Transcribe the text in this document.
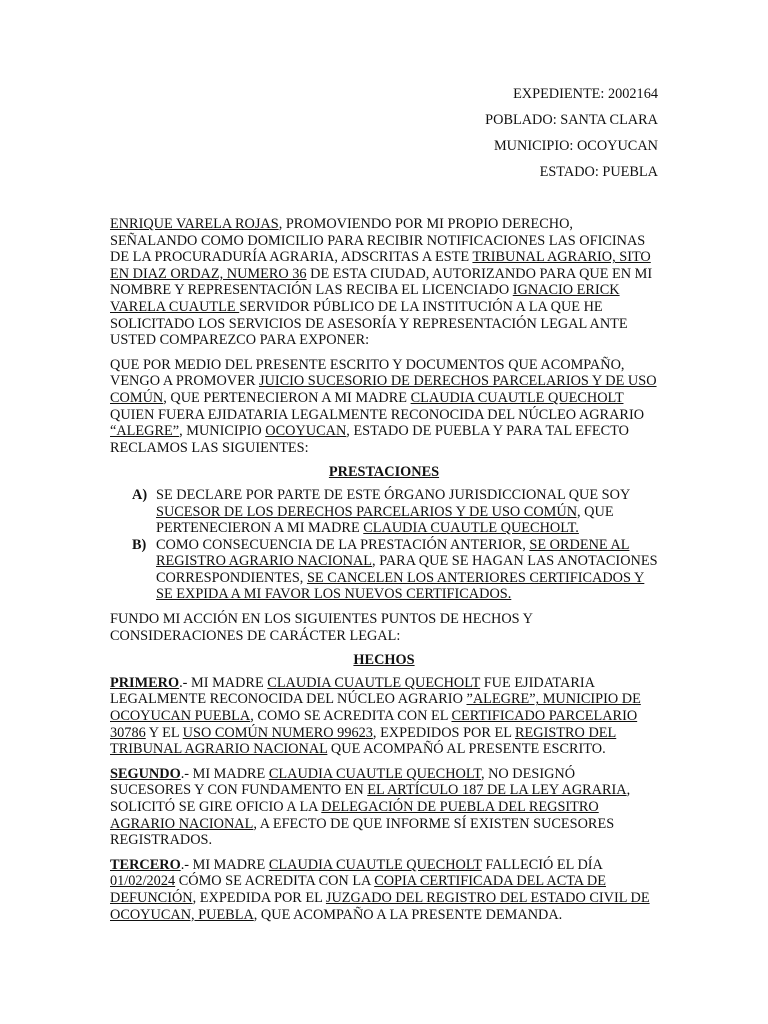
EXPEDIENTE: 2002164
POBLADO: SANTA CLARA
MUNICIPIO: OCOYUCAN
ESTADO: PUEBLA

ENRIQUE VARELA ROJAS, PROMOVIENDO POR MI PROPIO DERECHO, SEÑALANDO COMO DOMICILIO PARA RECIBIR NOTIFICACIONES LAS OFICINAS DE LA PROCURADURÍA AGRARIA, ADSCRITAS A ESTE TRIBUNAL AGRARIO, SITO EN DIAZ ORDAZ, NUMERO 36 DE ESTA CIUDAD, AUTORIZANDO PARA QUE EN MI NOMBRE Y REPRESENTACIÓN LAS RECIBA EL LICENCIADO IGNACIO ERICK VARELA CUAUTLE SERVIDOR PÚBLICO DE LA INSTITUCIÓN A LA QUE HE SOLICITADO LOS SERVICIOS DE ASESORÍA Y REPRESENTACIÓN LEGAL ANTE USTED COMPAREZCO PARA EXPONER:

QUE POR MEDIO DEL PRESENTE ESCRITO Y DOCUMENTOS QUE ACOMPAÑO, VENGO A PROMOVER JUICIO SUCESORIO DE DERECHOS PARCELARIOS Y DE USO COMÚN, QUE PERTENECIERON A MI MADRE CLAUDIA CUAUTLE QUECHOLT QUIEN FUERA EJIDATARIA LEGALMENTE RECONOCIDA DEL NÚCLEO AGRARIO “ALEGRE”, MUNICIPIO OCOYUCAN, ESTADO DE PUEBLA Y PARA TAL EFECTO RECLAMOS LAS SIGUIENTES:

PRESTACIONES
A) SE DECLARE POR PARTE DE ESTE ÓRGANO JURISDICCIONAL QUE SOY SUCESOR DE LOS DERECHOS PARCELARIOS Y DE USO COMÚN, QUE PERTENECIERON A MI MADRE CLAUDIA CUAUTLE QUECHOLT.
B) COMO CONSECUENCIA DE LA PRESTACIÓN ANTERIOR, SE ORDENE AL REGISTRO AGRARIO NACIONAL, PARA QUE SE HAGAN LAS ANOTACIONES CORRESPONDIENTES, SE CANCELEN LOS ANTERIORES CERTIFICADOS Y SE EXPIDA A MI FAVOR LOS NUEVOS CERTIFICADOS.

FUNDO MI ACCIÓN EN LOS SIGUIENTES PUNTOS DE HECHOS Y CONSIDERACIONES DE CARÁCTER LEGAL:

HECHOS

PRIMERO.- MI MADRE CLAUDIA CUAUTLE QUECHOLT FUE EJIDATARIA LEGALMENTE RECONOCIDA DEL NÚCLEO AGRARIO ”ALEGRE”, MUNICIPIO DE OCOYUCAN PUEBLA, COMO SE ACREDITA CON EL CERTIFICADO PARCELARIO 30786 Y EL USO COMÚN NUMERO 99623, EXPEDIDOS POR EL REGISTRO DEL TRIBUNAL AGRARIO NACIONAL QUE ACOMPAÑÓ AL PRESENTE ESCRITO.

SEGUNDO.- MI MADRE CLAUDIA CUAUTLE QUECHOLT, NO DESIGNÓ SUCESORES Y CON FUNDAMENTO EN EL ARTÍCULO 187 DE LA LEY AGRARIA, SOLICITÓ SE GIRE OFICIO A LA DELEGACIÓN DE PUEBLA DEL REGSITRO AGRARIO NACIONAL, A EFECTO DE QUE INFORME SÍ EXISTEN SUCESORES REGISTRADOS.

TERCERO.- MI MADRE CLAUDIA CUAUTLE QUECHOLT FALLECIÓ EL DÍA 01/02/2024 CÓMO SE ACREDITA CON LA COPIA CERTIFICADA DEL ACTA DE DEFUNCIÓN, EXPEDIDA POR EL JUZGADO DEL REGISTRO DEL ESTADO CIVIL DE OCOYUCAN, PUEBLA, QUE ACOMPAÑO A LA PRESENTE DEMANDA.
